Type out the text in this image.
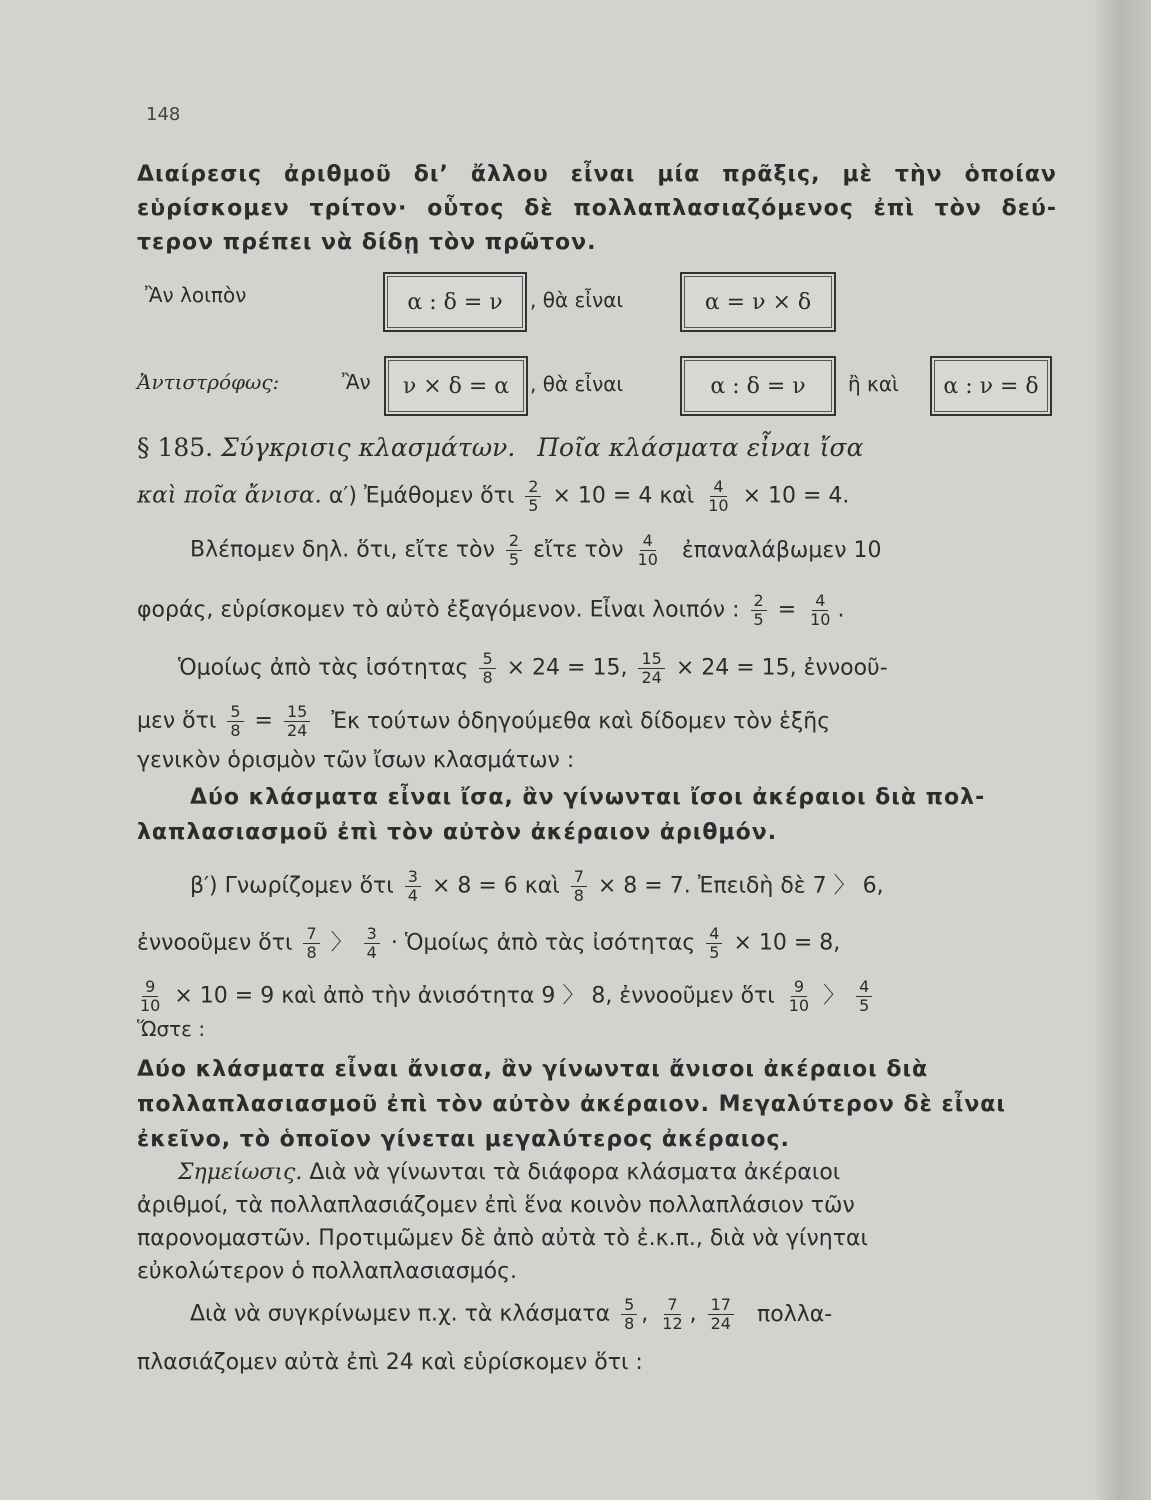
148
Διαίρεσις ἀριθμοῦ δι’ ἄλλου εἶναι μία πρᾶξις, μὲ τὴν ὁποίαν
εὑρίσκομεν τρίτον· οὗτος δὲ πολλαπλασιαζόμενος ἐπὶ τὸν δεύ-
τερον πρέπει νὰ δίδῃ τὸν πρῶτον.
Ἂν λοιπὸν	α : δ = ν	, θὰ εἶναι	α = ν × δ
Ἀντιστρόφως:	Ἂν	ν × δ = α	, θὰ εἶναι	α : δ = ν	ἢ καὶ	α : ν = δ
§ 185. Σύγκρισις κλασμάτων. Ποῖα κλάσματα εἶναι ἴσα
καὶ ποῖα ἄνισα. α′) Ἐμάθομεν ὅτι $\frac{2}{5} \times 10 = 4$ καὶ $\frac{4}{10} \times 10 = 4$.
Βλέπομεν δηλ. ὅτι, εἴτε τὸν $\frac{2}{5}$ εἴτε τὸν $\frac{4}{10}$ ἐπαναλάβωμεν 10
φοράς, εὑρίσκομεν τὸ αὐτὸ ἐξαγόμενον. Εἶναι λοιπόν : $\frac{2}{5} = \frac{4}{10}$ .
Ὁμοίως ἀπὸ τὰς ἰσότητας $\frac{5}{8} \times 24 = 15$, $\frac{15}{24} \times 24 = 15$, ἐννοοῦ-
μεν ὅτι $\frac{5}{8} = \frac{15}{24}$ Ἐκ τούτων ὁδηγούμεθα καὶ δίδομεν τὸν ἑξῆς
γενικὸν ὁρισμὸν τῶν ἴσων κλασμάτων :
Δύο κλάσματα εἶναι ἴσα, ἂν γίνωνται ἴσοι ἀκέραιοι διὰ πολ-
λαπλασιασμοῦ ἐπὶ τὸν αὐτὸν ἀκέραιον ἀριθμόν.
β′) Γνωρίζομεν ὅτι $\frac{3}{4} \times 8 = 6$ καὶ $\frac{7}{8} \times 8 = 7$. Ἐπειδὴ δὲ 7 〉 6,
ἐννοοῦμεν ὅτι $\frac{7}{8}$ 〉 $\frac{3}{4}$ · Ὁμοίως ἀπὸ τὰς ἰσότητας $\frac{4}{5} \times 10 = 8$,
$\frac{9}{10} \times 10 = 9$ καὶ ἀπὸ τὴν ἀνισότητα 9 〉 8, ἐννοοῦμεν ὅτι $\frac{9}{10}$ 〉 $\frac{4}{5}$
Ὥστε :
Δύο κλάσματα εἶναι ἄνισα, ἂν γίνωνται ἄνισοι ἀκέραιοι διὰ
πολλαπλασιασμοῦ ἐπὶ τὸν αὐτὸν ἀκέραιον. Μεγαλύτερον δὲ εἶναι
ἐκεῖνο, τὸ ὁποῖον γίνεται μεγαλύτερος ἀκέραιος.
Σημείωσις. Διὰ νὰ γίνωνται τὰ διάφορα κλάσματα ἀκέραιοι
ἀριθμοί, τὰ πολλαπλασιάζομεν ἐπὶ ἕνα κοινὸν πολλαπλάσιον τῶν
παρονομαστῶν. Προτιμῶμεν δὲ ἀπὸ αὐτὰ τὸ ἐ.κ.π., διὰ νὰ γίνηται
εὐκολώτερον ὁ πολλαπλασιασμός.
Διὰ νὰ συγκρίνωμεν π.χ. τὰ κλάσματα $\frac{5}{8}$ , $\frac{7}{12}$ , $\frac{17}{24} \pi o\lambda\lambda\alpha-$
πλασιάζομεν αὐτὰ ἐπὶ 24 καὶ εὑρίσκομεν ὅτι :
